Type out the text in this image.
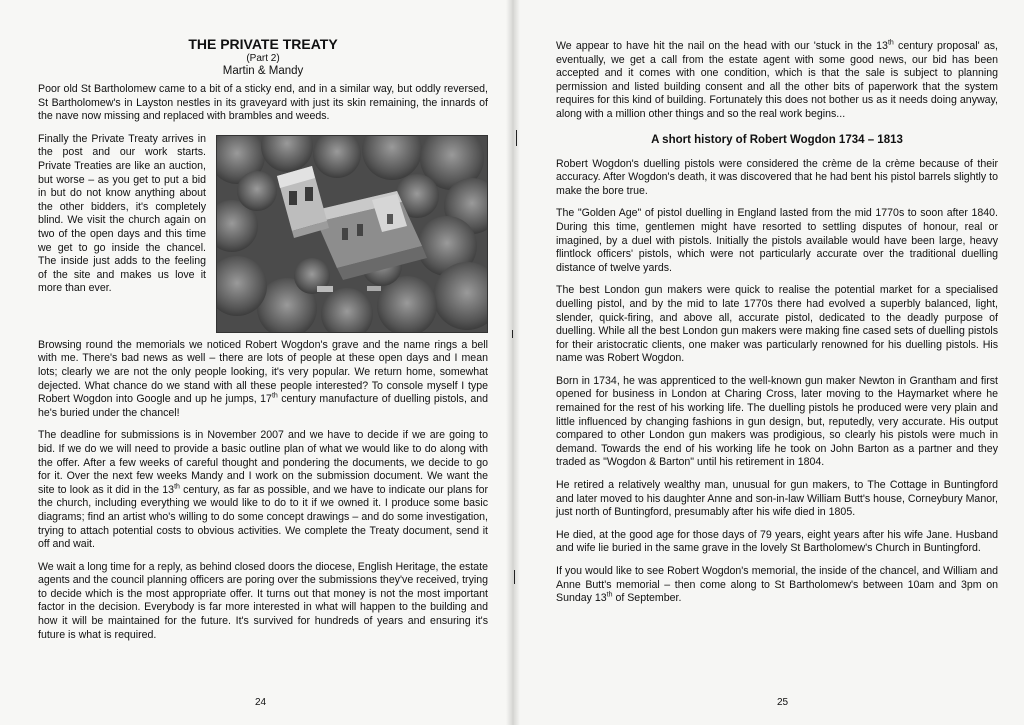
THE PRIVATE TREATY
(Part 2)
Martin & Mandy

Poor old St Bartholomew came to a bit of a sticky end, and in a similar way, but oddly reversed, St Bartholomew's in Layston nestles in its graveyard with just its skin remaining, the innards of the nave now missing and replaced with brambles and weeds.

Finally the Private Treaty arrives in the post and our work starts. Private Treaties are like an auction, but worse – as you get to put a bid in but do not know anything about the other bidders, it's completely blind. We visit the church again on two of the open days and this time we get to go inside the chancel. The inside just adds to the feeling of the site and makes us love it more than ever.

Browsing round the memorials we noticed Robert Wogdon's grave and the name rings a bell with me. There's bad news as well – there are lots of people at these open days and I mean lots; clearly we are not the only people looking, it's very popular. We return home, somewhat dejected. What chance do we stand with all these people interested? To console myself I type Robert Wogdon into Google and up he jumps, 17th century manufacture of duelling pistols, and he's buried under the chancel!

The deadline for submissions is in November 2007 and we have to decide if we are going to bid. If we do we will need to provide a basic outline plan of what we would like to do along with the offer. After a few weeks of careful thought and pondering the documents, we decide to go for it. Over the next few weeks Mandy and I work on the submission document. We want the site to look as it did in the 13th century, as far as possible, and we have to indicate our plans for the church, including everything we would like to do to it if we owned it. I produce some basic diagrams; find an artist who's willing to do some concept drawings – and do some investigation, trying to attach potential costs to obvious activities. We complete the Treaty document, send it off and wait.

We wait a long time for a reply, as behind closed doors the diocese, English Heritage, the estate agents and the council planning officers are poring over the submissions they've received, trying to decide which is the most appropriate offer. It turns out that money is not the most important factor in the decision. Everybody is far more interested in what will happen to the building and how it will be maintained for the future. It's survived for hundreds of years and ensuring it's future is what is required.

24

We appear to have hit the nail on the head with our 'stuck in the 13th century proposal' as, eventually, we get a call from the estate agent with some good news, our bid has been accepted and it comes with one condition, which is that the sale is subject to planning permission and listed building consent and all the other bits of paperwork that the system requires for this kind of building. Fortunately this does not bother us as it needs doing anyway, along with a million other things and so the real work begins...

A short history of Robert Wogdon 1734 – 1813

Robert Wogdon's duelling pistols were considered the crème de la crème because of their accuracy. After Wogdon's death, it was discovered that he had bent his pistol barrels slightly to make the bore true.

The "Golden Age" of pistol duelling in England lasted from the mid 1770s to soon after 1840. During this time, gentlemen might have resorted to settling disputes of honour, real or imagined, by a duel with pistols. Initially the pistols available would have been large, heavy flintlock officers' pistols, which were not particularly accurate over the traditional duelling distance of twelve yards.

The best London gun makers were quick to realise the potential market for a specialised duelling pistol, and by the mid to late 1770s there had evolved a superbly balanced, light, slender, quick-firing, and above all, accurate pistol, dedicated to the deadly purpose of duelling. While all the best London gun makers were making fine cased sets of duelling pistols for their aristocratic clients, one maker was particularly renowned for his duelling pistols. His name was Robert Wogdon.

Born in 1734, he was apprenticed to the well-known gun maker Newton in Grantham and first opened for business in London at Charing Cross, later moving to the Haymarket where he remained for the rest of his working life. The duelling pistols he produced were very plain and little influenced by changing fashions in gun design, but, reputedly, very accurate. His output compared to other London gun makers was prodigious, so clearly his pistols were much in demand. Towards the end of his working life he took on John Barton as a partner and they traded as "Wogdon & Barton" until his retirement in 1804.

He retired a relatively wealthy man, unusual for gun makers, to The Cottage in Buntingford and later moved to his daughter Anne and son-in-law William Butt's house, Corneybury Manor, just north of Buntingford, presumably after his wife died in 1805.

He died, at the good age for those days of 79 years, eight years after his wife Jane. Husband and wife lie buried in the same grave in the lovely St Bartholomew's Church in Buntingford.

If you would like to see Robert Wogdon's memorial, the inside of the chancel, and William and Anne Butt's memorial – then come along to St Bartholomew's between 10am and 3pm on Sunday 13th of September.

25
